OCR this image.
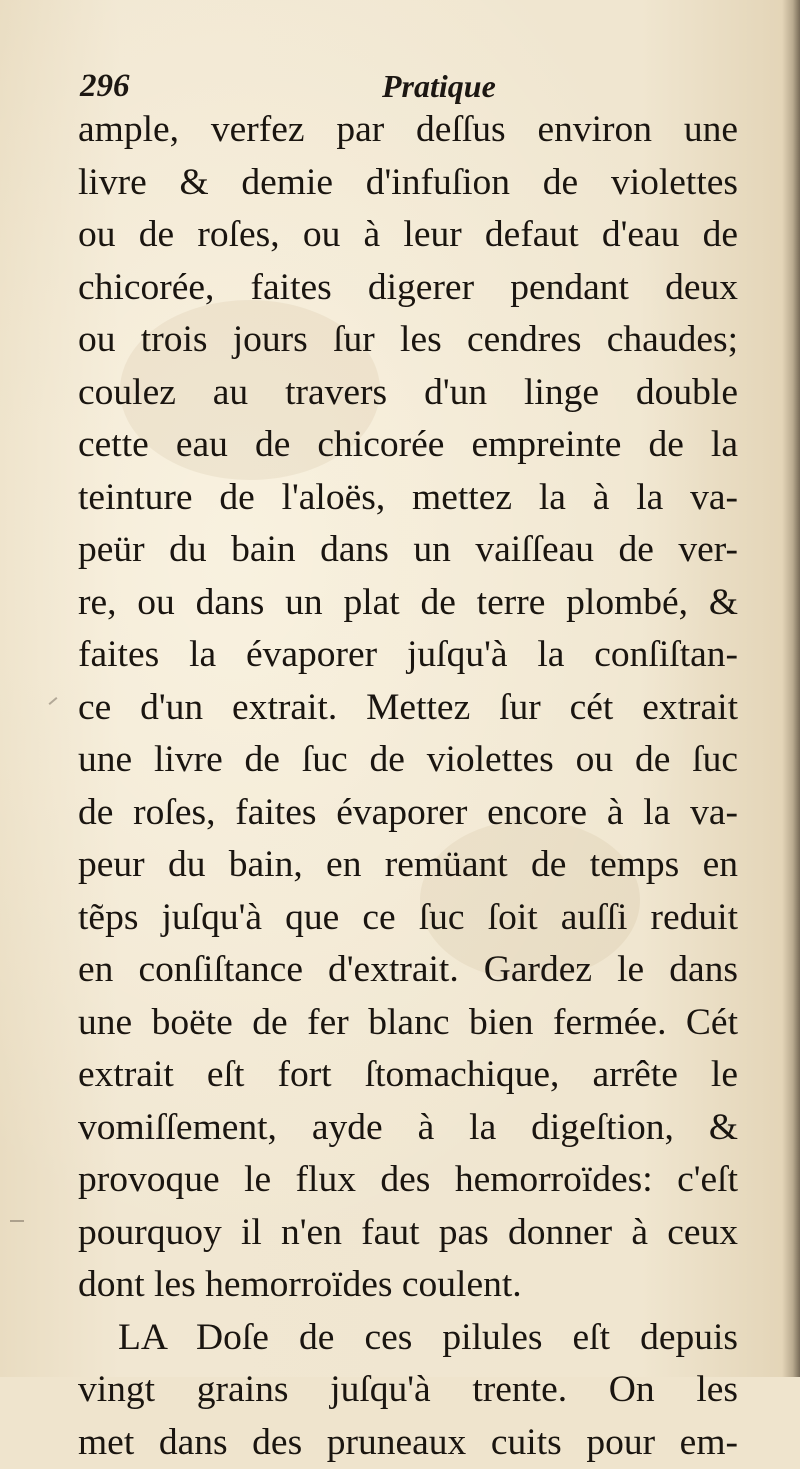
296	Pratique
ample, verfez par deſſus environ une
livre & demie d'infuſion de violettes
ou de roſes, ou à leur defaut d'eau de
chicorée, faites digerer pendant deux
ou trois jours ſur les cendres chaudes;
coulez au travers d'un linge double
cette eau de chicorée empreinte de la
teinture de l'aloës, mettez la à la va-
peür du bain dans un vaiſſeau de ver-
re, ou dans un plat de terre plombé, &
faites la évaporer juſqu'à la conſiſtan-
ce d'un extrait. Mettez ſur cét extrait
une livre de ſuc de violettes ou de ſuc
de roſes, faites évaporer encore à la va-
peur du bain, en remüant de temps en
tẽps juſqu'à que ce ſuc ſoit auſſi reduit
en conſiſtance d'extrait. Gardez le dans
une boëte de fer blanc bien fermée. Cét
extrait eſt fort ſtomachique, arrête le
vomiſſement, ayde à la digeſtion, &
provoque le flux des hemorroïdes: c'eſt
pourquoy il n'en faut pas donner à ceux
dont les hemorroïdes coulent.
LA Doſe de ces pilules eſt depuis
vingt grains juſqu'à trente. On les
met dans des pruneaux cuits pour em-
